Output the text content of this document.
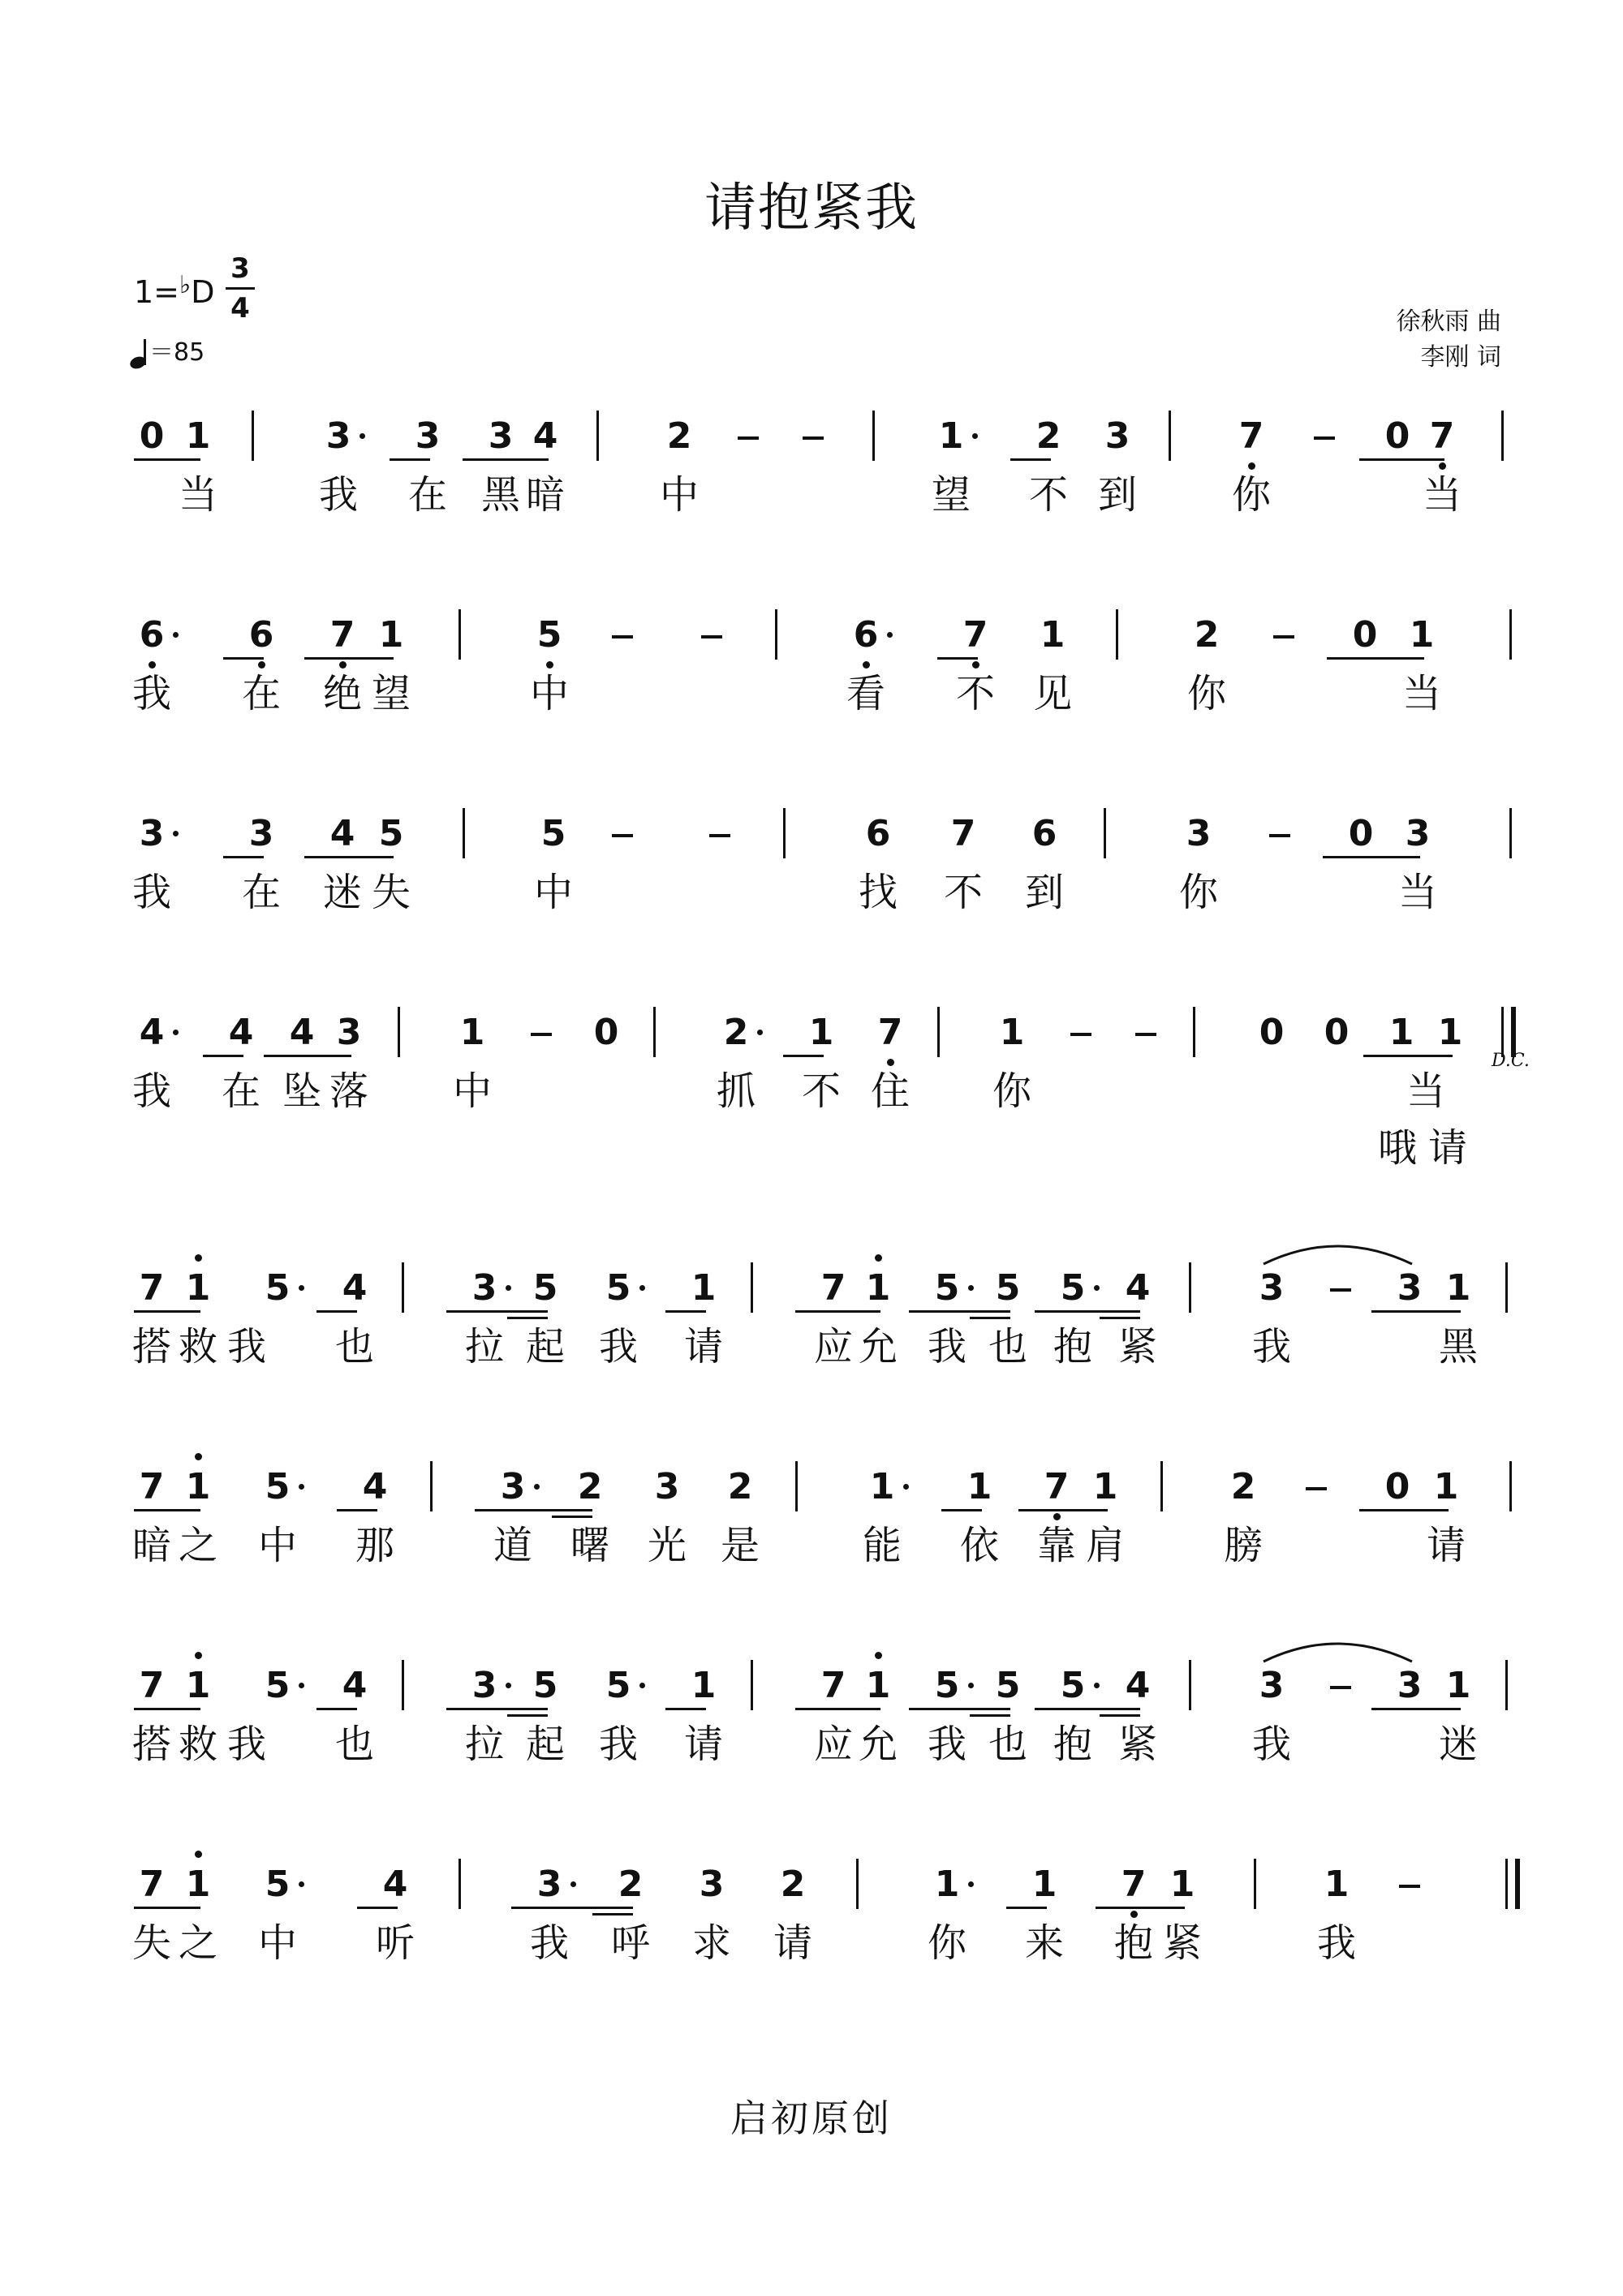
请抱紧我
1=♭D
3
4
＝85
徐秋雨 曲
李刚 词
0 1	3 3 3 4	2	1 2 3	7	0 7
当	我 在 黑 暗 中	望 不 到 你	当
6 6 7 1	5	6 7 1	2	0 1
我 在 绝 望	中	看 不 见	你	当
3 3 4 5	5	6 7 6	3	0 3
我 在 迷 失	中	找 不 到	你	当
4 4 4 3	1	0	2 1 7	1	0 0 1 1
我 在 坠 落 中	抓 不 住 你	当
哦 请
D.C.
7 1 5 4	3 5 5 1	7 1 5 5 5 4	3	3 1
搭 救 我 也 拉 起 我 请 应 允 我 也 抱 紧 我	黑
7 1 5 4	3 2 3 2	1 1 7 1	2	0 1
暗 之 中 那	道 曙 光 是	能 依 靠 肩	膀	请
7 1 5 4	3 5 5 1	7 1 5 5 5 4	3	3 1
搭 救 我 也 拉 起 我 请 应 允 我 也 抱 紧 我	迷
7 1 5	4	3 2 3 2	1 1 7 1	1
失 之 中 听	我 呼 求 请	你 来 抱 紧	我
启初原创
